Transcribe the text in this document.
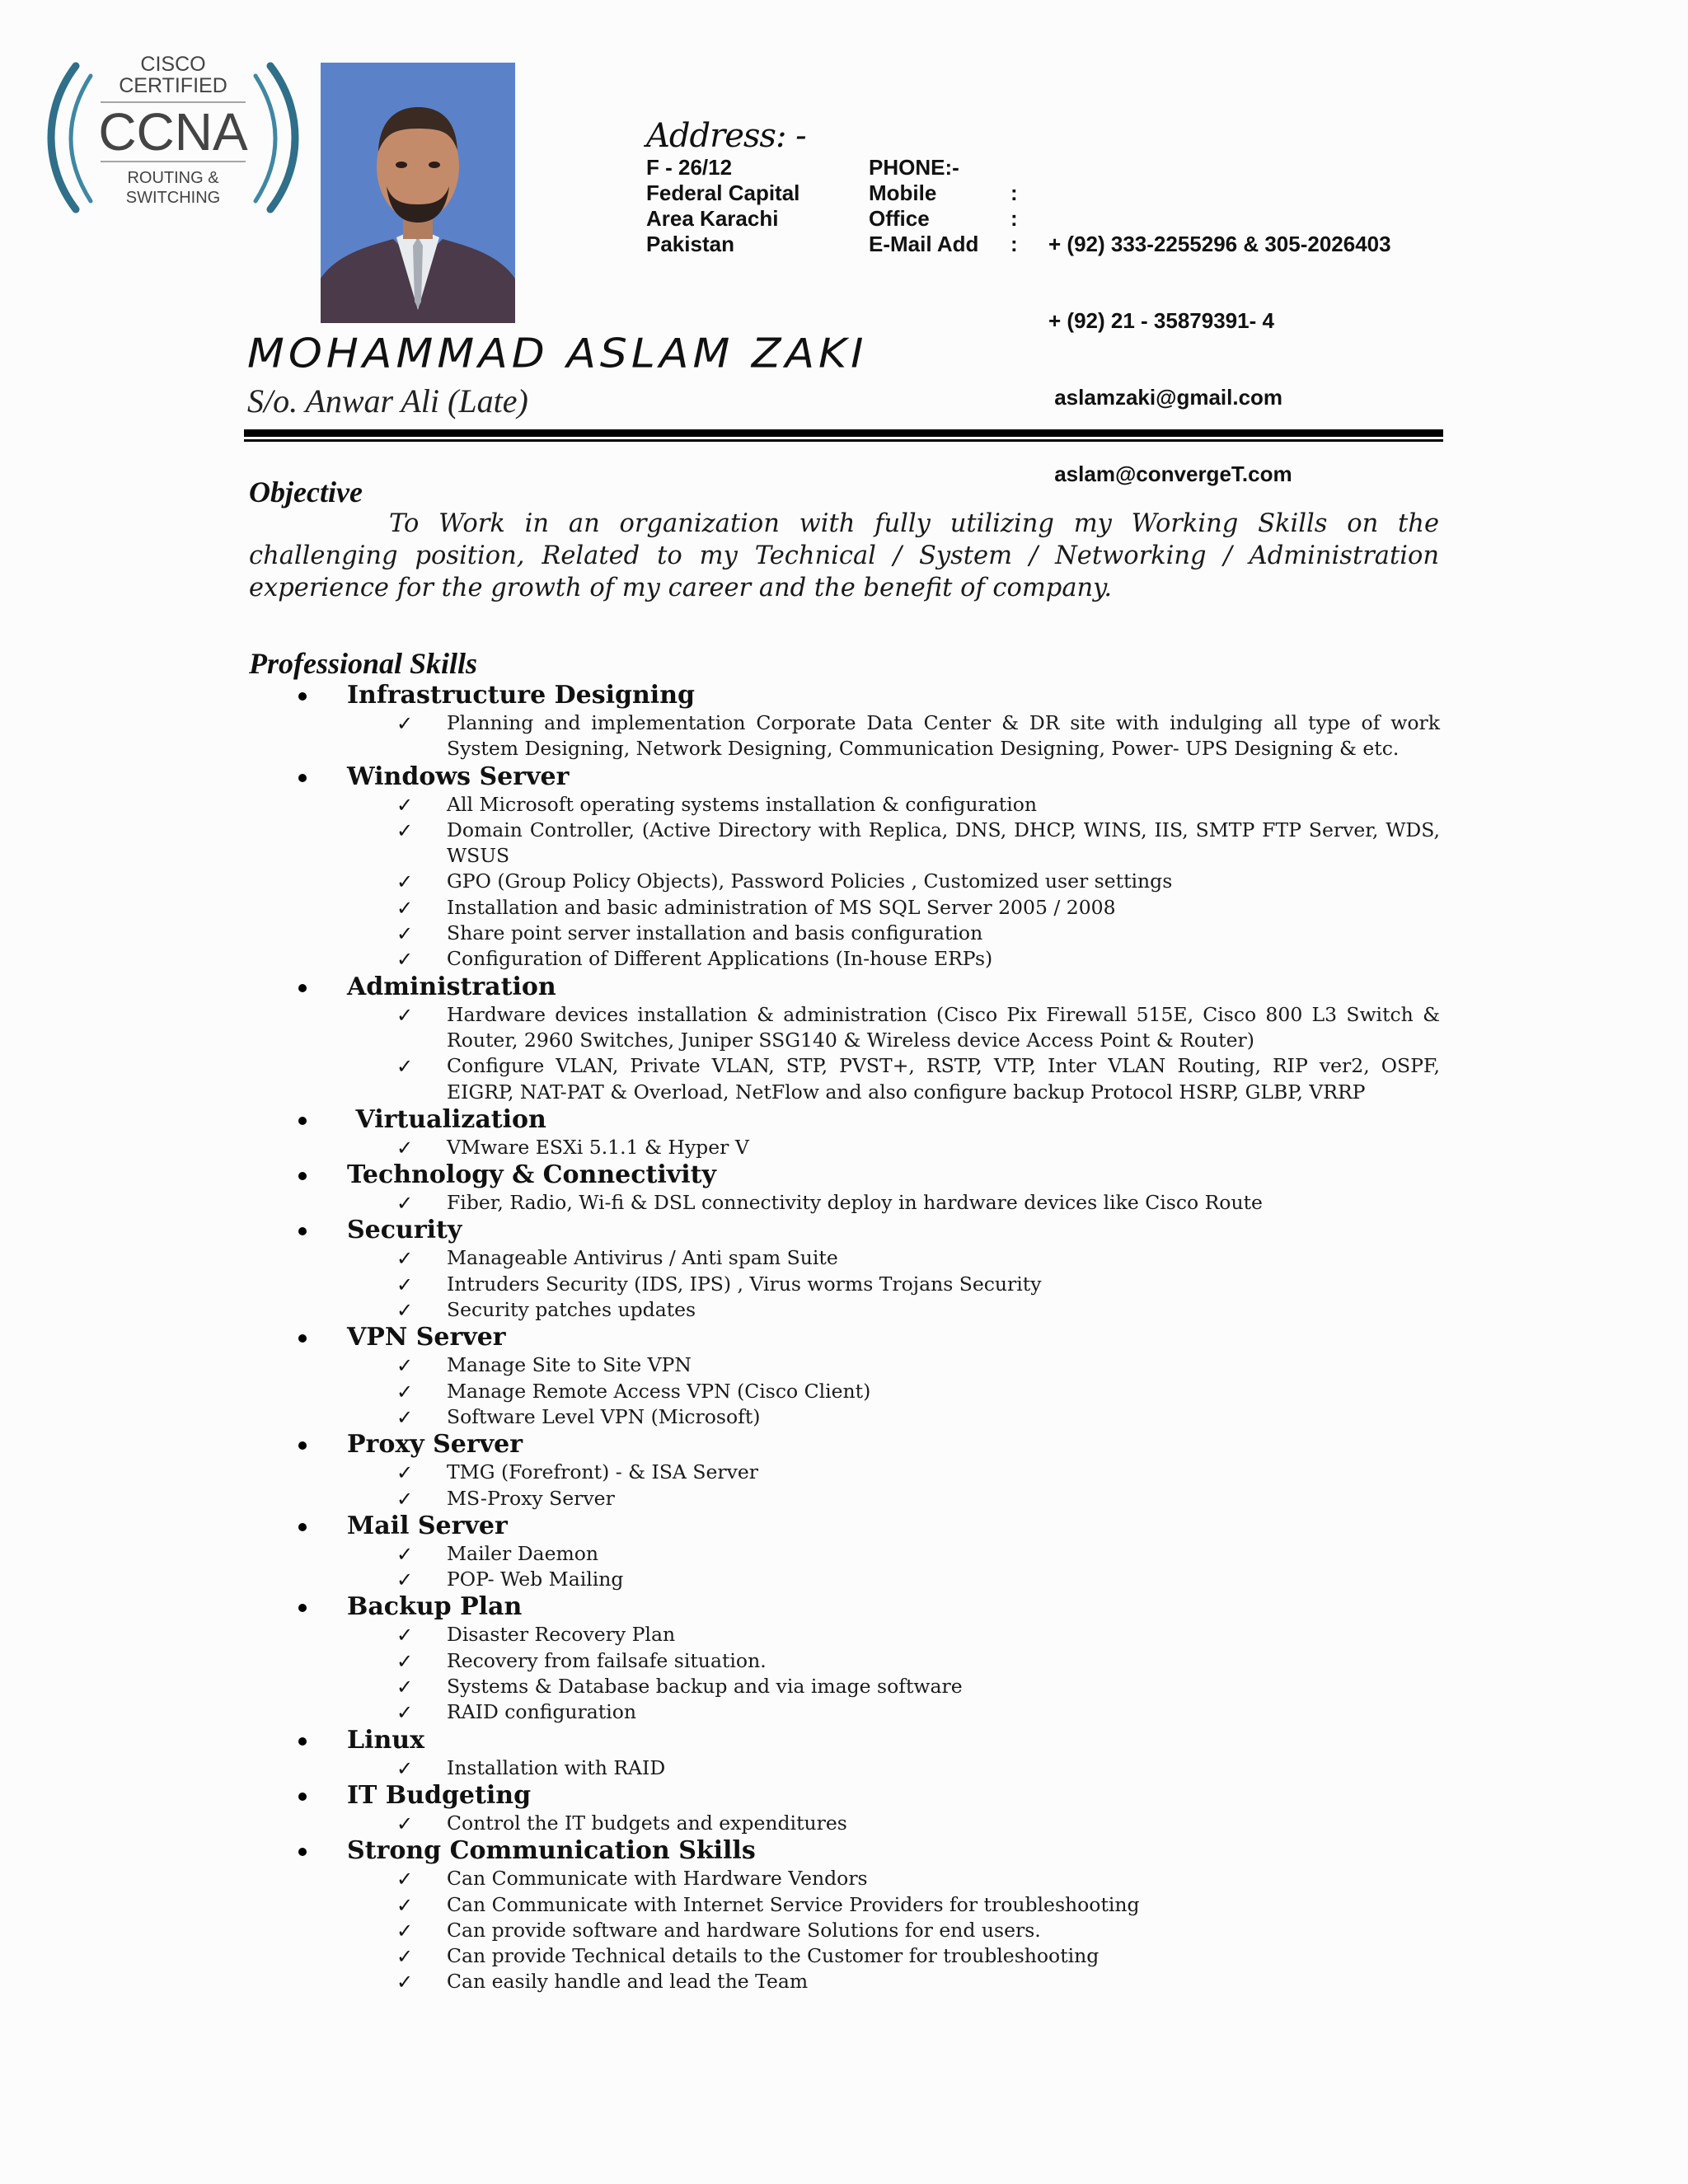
CISCO
CERTIFIED
CCNA
ROUTING &
SWITCHING
Address: -
F - 26/12
Federal Capital
Area Karachi
Pakistan
PHONE:-
Mobile
Office
E-Mail Add
:
:
:

+ (92) 333-2255296 & 305-2026403

+ (92) 21 - 35879391- 4

aslamzaki@gmail.com

aslam@convergeT.com

MOHAMMAD ASLAM ZAKI
S/o. Anwar Ali (Late)
Objective
To Work in an organization with fully utilizing my Working Skills on the challenging position, Related to my Technical / System / Networking / Administration experience for the growth of my career and the benefit of company.
Professional Skills
Infrastructure Designing
✓ Planning and implementation Corporate Data Center & DR site with indulging all type of work System Designing, Network Designing, Communication Designing, Power- UPS Designing & etc.
Windows Server
✓ All Microsoft operating systems installation & configuration
✓ Domain Controller, (Active Directory with Replica, DNS, DHCP, WINS, IIS, SMTP FTP Server, WDS, WSUS
✓ GPO (Group Policy Objects), Password Policies , Customized user settings
✓ Installation and basic administration of MS SQL Server 2005 / 2008
✓ Share point server installation and basis configuration
✓ Configuration of Different Applications (In-house ERPs)
Administration
✓ Hardware devices installation & administration (Cisco Pix Firewall 515E, Cisco 800 L3 Switch & Router, 2960 Switches, Juniper SSG140 & Wireless device Access Point & Router)
✓ Configure VLAN, Private VLAN, STP, PVST+, RSTP, VTP, Inter VLAN Routing, RIP ver2, OSPF, EIGRP, NAT-PAT & Overload, NetFlow and also configure backup Protocol HSRP, GLBP, VRRP
Virtualization
✓ VMware ESXi 5.1.1 & Hyper V
Technology & Connectivity
✓ Fiber, Radio, Wi-fi & DSL connectivity deploy in hardware devices like Cisco Route
Security
✓ Manageable Antivirus / Anti spam Suite
✓ Intruders Security (IDS, IPS) , Virus worms Trojans Security
✓ Security patches updates
VPN Server
✓ Manage Site to Site VPN
✓ Manage Remote Access VPN (Cisco Client)
✓ Software Level VPN (Microsoft)
Proxy Server
✓ TMG (Forefront) - & ISA Server
✓ MS-Proxy Server
Mail Server
✓ Mailer Daemon
✓ POP- Web Mailing
Backup Plan
✓ Disaster Recovery Plan
✓ Recovery from failsafe situation.
✓ Systems & Database backup and via image software
✓ RAID configuration
Linux
✓ Installation with RAID
IT Budgeting
✓ Control the IT budgets and expenditures
Strong Communication Skills
✓ Can Communicate with Hardware Vendors
✓ Can Communicate with Internet Service Providers for troubleshooting
✓ Can provide software and hardware Solutions for end users.
✓ Can provide Technical details to the Customer for troubleshooting
✓ Can easily handle and lead the Team
